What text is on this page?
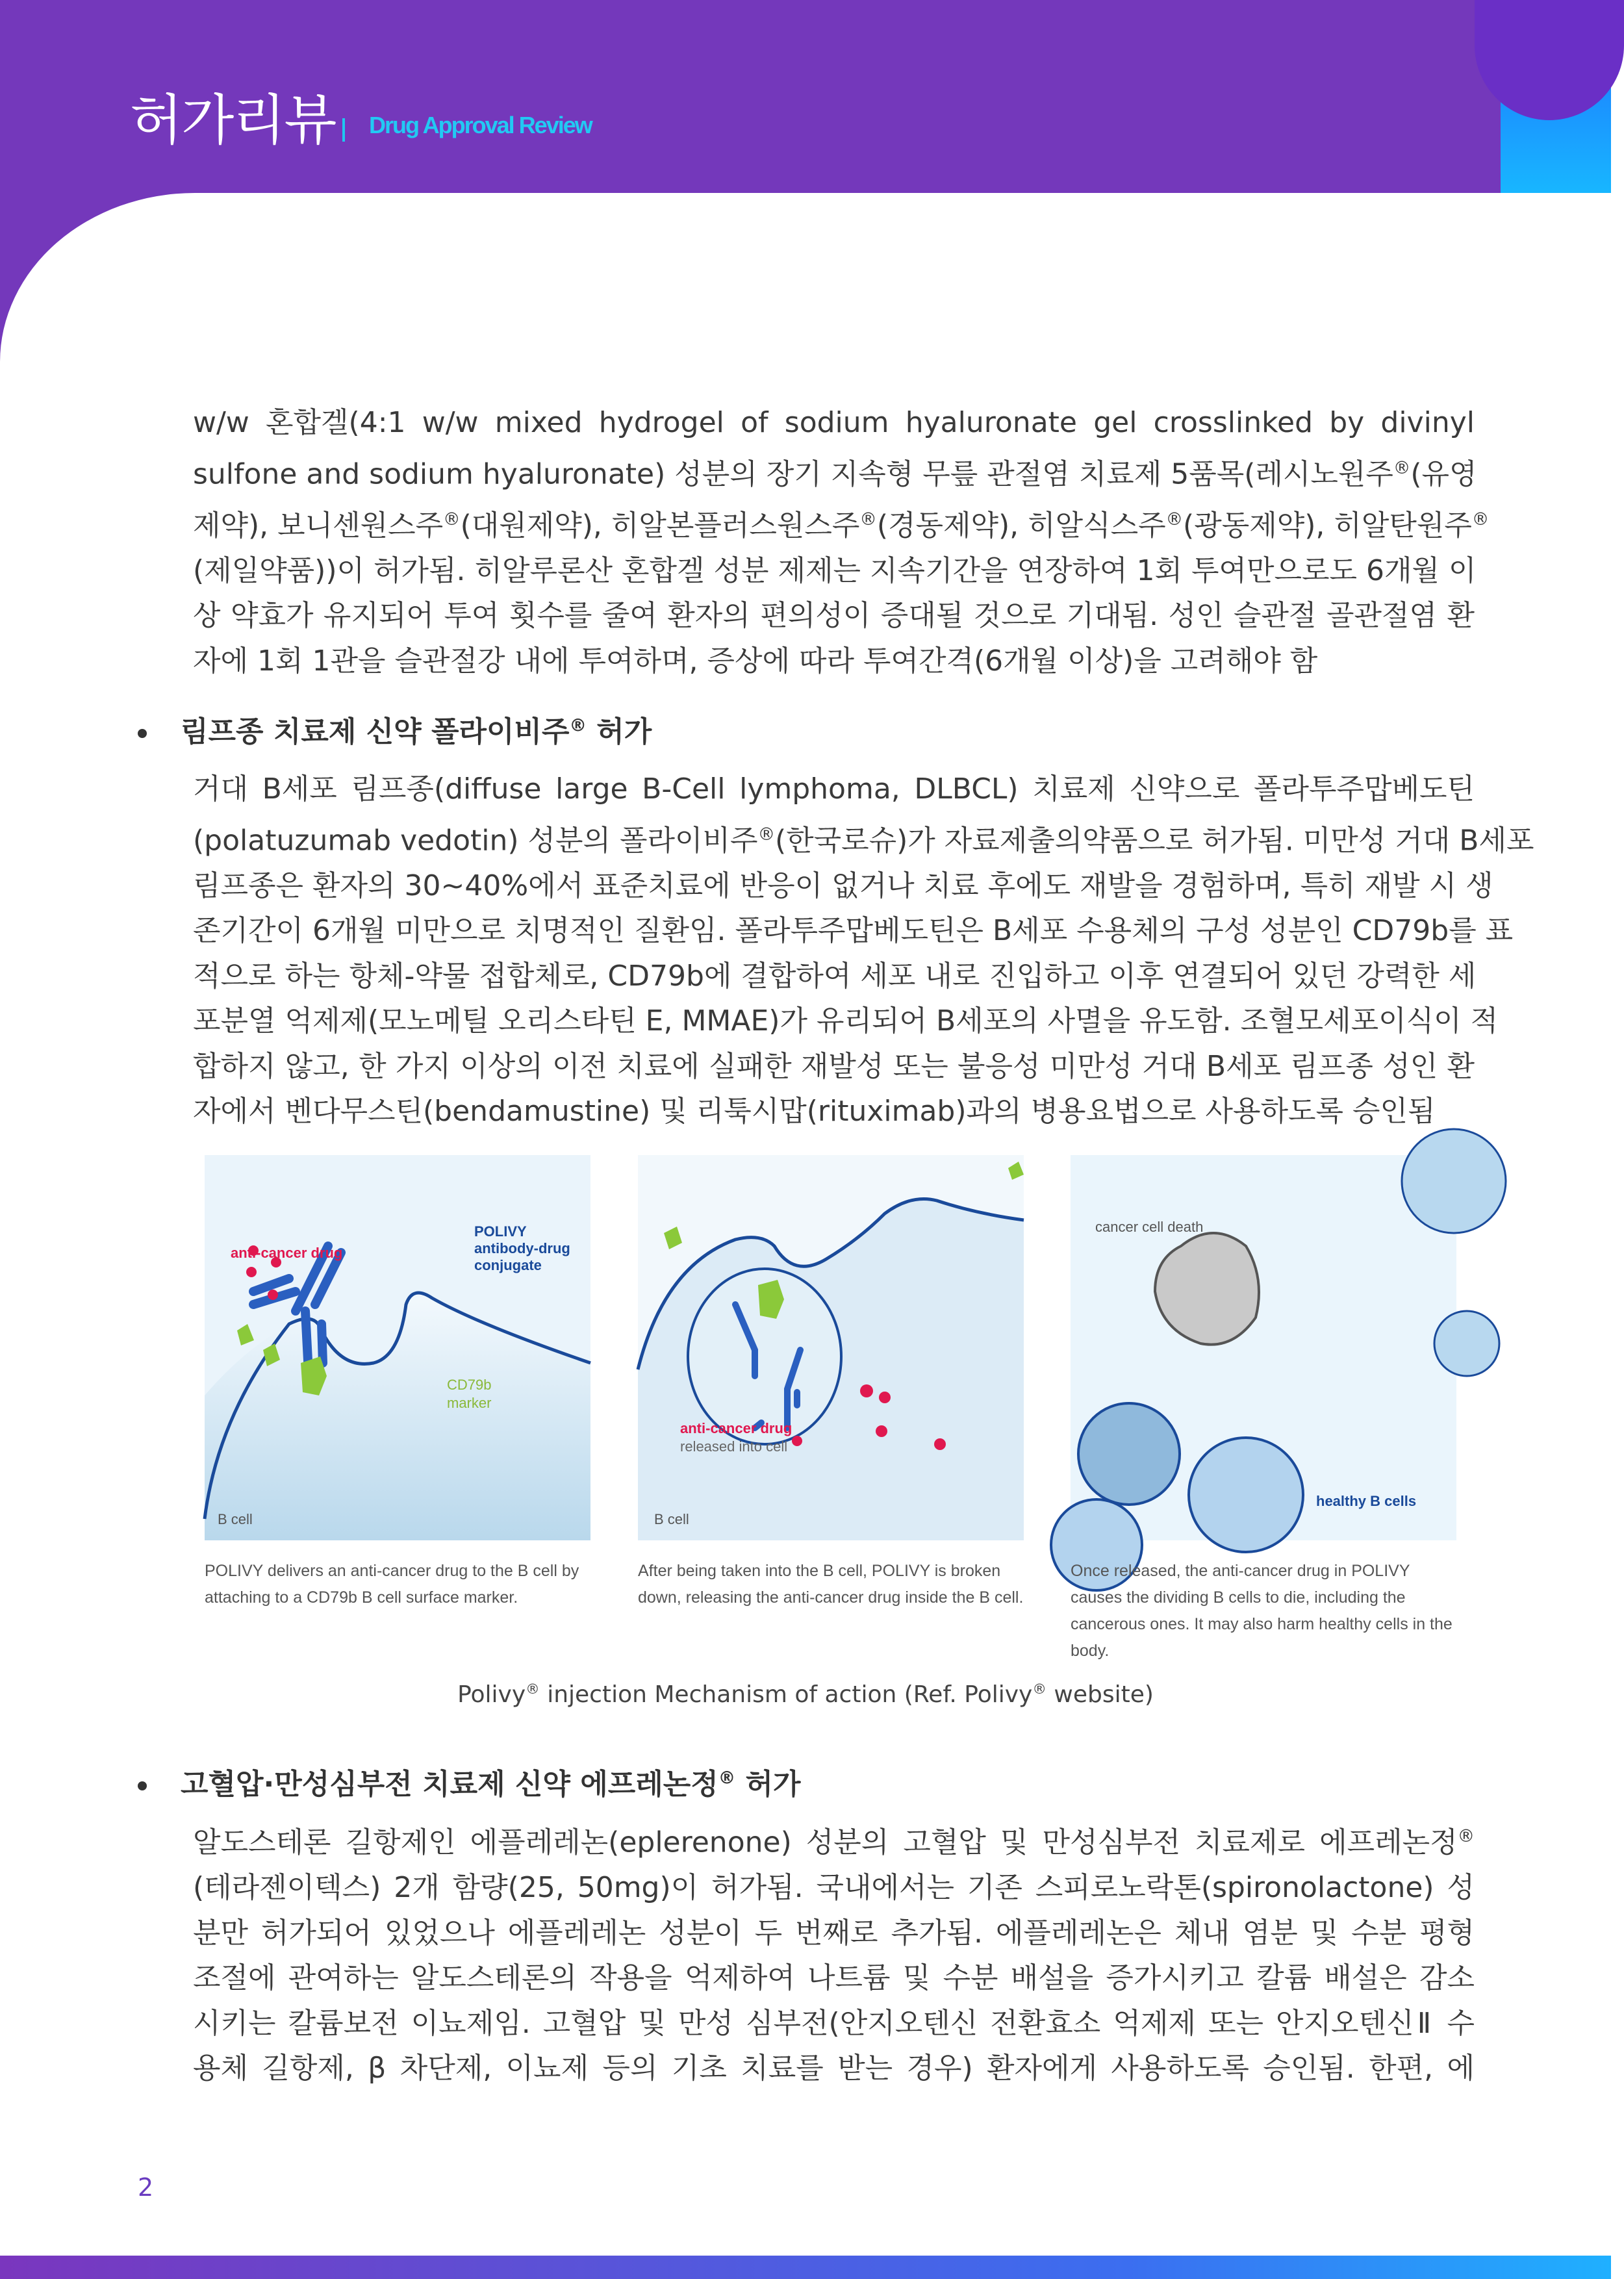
허가리뷰 Drug Approval Review
w/w 혼합겔(4:1 w/w mixed hydrogel of sodium hyaluronate gel crosslinked by divinyl
sulfone and sodium hyaluronate) 성분의 장기 지속형 무릎 관절염 치료제 5품목(레시노원주®(유영
제약), 보니센원스주®(대원제약), 히알본플러스원스주®(경동제약), 히알식스주®(광동제약), 히알탄원주®
(제일약품))이 허가됨. 히알루론산 혼합겔 성분 제제는 지속기간을 연장하여 1회 투여만으로도 6개월 이
상 약효가 유지되어 투여 횟수를 줄여 환자의 편의성이 증대될 것으로 기대됨. 성인 슬관절 골관절염 환
자에 1회 1관을 슬관절강 내에 투여하며, 증상에 따라 투여간격(6개월 이상)을 고려해야 함
림프종 치료제 신약 폴라이비주® 허가
거대 B세포 림프종(diffuse large B-Cell lymphoma, DLBCL) 치료제 신약으로 폴라투주맙베도틴
(polatuzumab vedotin) 성분의 폴라이비주®(한국로슈)가 자료제출의약품으로 허가됨. 미만성 거대 B세포
림프종은 환자의 30~40%에서 표준치료에 반응이 없거나 치료 후에도 재발을 경험하며, 특히 재발 시 생
존기간이 6개월 미만으로 치명적인 질환임. 폴라투주맙베도틴은 B세포 수용체의 구성 성분인 CD79b를 표
적으로 하는 항체-약물 접합체로, CD79b에 결합하여 세포 내로 진입하고 이후 연결되어 있던 강력한 세
포분열 억제제(모노메틸 오리스타틴 E, MMAE)가 유리되어 B세포의 사멸을 유도함. 조혈모세포이식이 적
합하지 않고, 한 가지 이상의 이전 치료에 실패한 재발성 또는 불응성 미만성 거대 B세포 림프종 성인 환
자에서 벤다무스틴(bendamustine) 및 리툭시맙(rituximab)과의 병용요법으로 사용하도록 승인됨
anti-cancer drug
POLIVY
antibody-drug
conjugate
CD79b
marker
B cell
anti-cancer drug
released into cell
B cell
cancer cell death
healthy B cells
POLIVY delivers an anti-cancer drug to the B cell by attaching to a CD79b B cell surface marker.
After being taken into the B cell, POLIVY is broken down, releasing the anti-cancer drug inside the B cell.
Once released, the anti-cancer drug in POLIVY causes the dividing B cells to die, including the cancerous ones. It may also harm healthy cells in the body.
Polivy® injection Mechanism of action (Ref. Polivy® website)
고혈압·만성심부전 치료제 신약 에프레논정® 허가
알도스테론 길항제인 에플레레논(eplerenone) 성분의 고혈압 및 만성심부전 치료제로 에프레논정®
(테라젠이텍스) 2개 함량(25, 50mg)이 허가됨. 국내에서는 기존 스피로노락톤(spironolactone) 성
분만 허가되어 있었으나 에플레레논 성분이 두 번째로 추가됨. 에플레레논은 체내 염분 및 수분 평형
조절에 관여하는 알도스테론의 작용을 억제하여 나트륨 및 수분 배설을 증가시키고 칼륨 배설은 감소
시키는 칼륨보전 이뇨제임. 고혈압 및 만성 심부전(안지오텐신 전환효소 억제제 또는 안지오텐신Ⅱ 수
용체 길항제, β 차단제, 이뇨제 등의 기초 치료를 받는 경우) 환자에게 사용하도록 승인됨. 한편, 에
2
